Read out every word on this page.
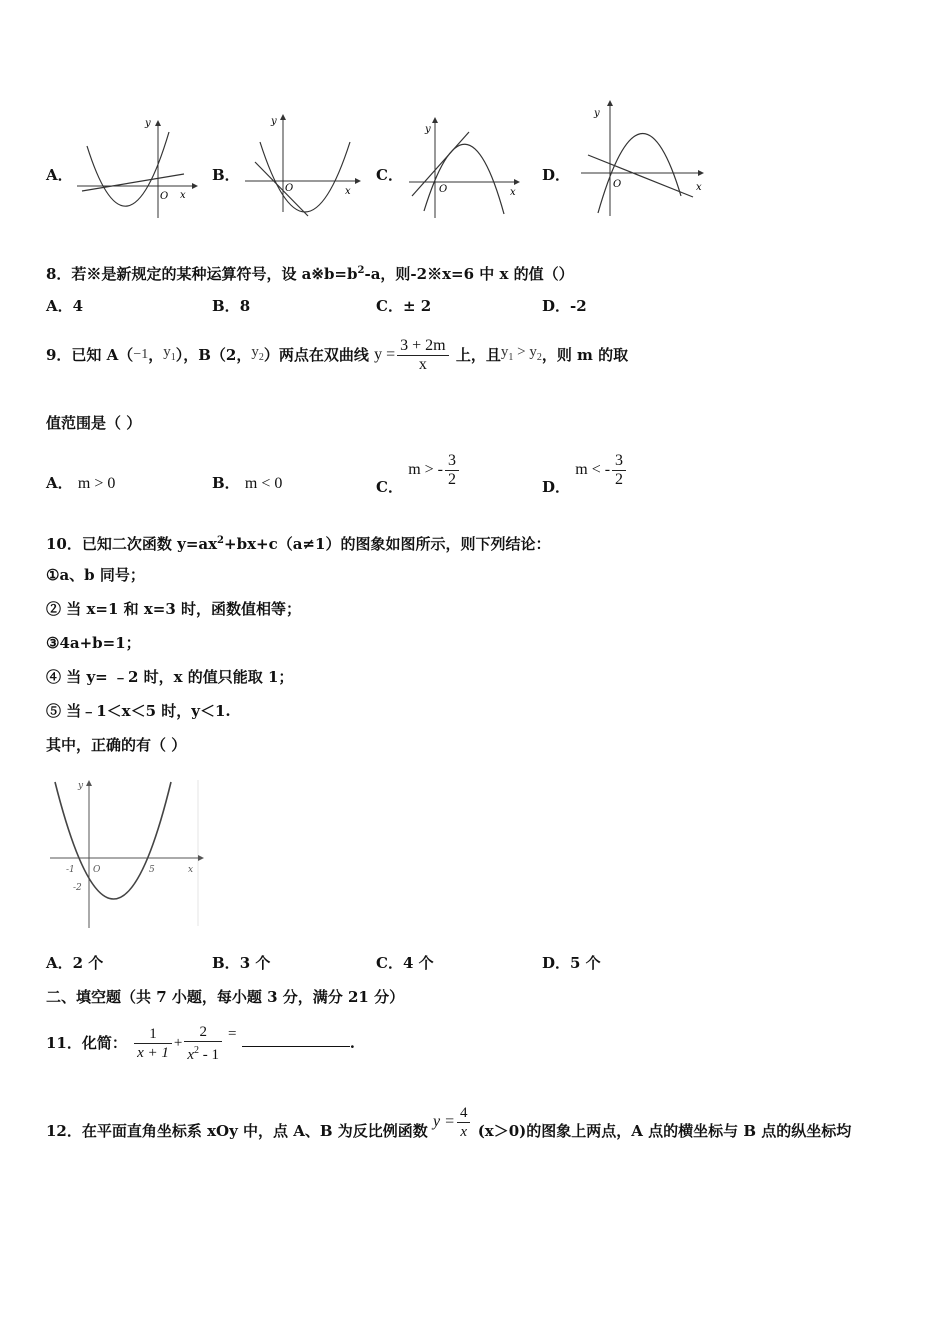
A．
y
x
O
B．
y
x
O
C．
y
x
O
D．
y
x
O
8．若※是新规定的某种运算符号，设 $a※b=b^2-a$，则-2※x=6 中 x 的值（）
A．4	B．8	C．± 2	D．-2
9．已知 A（−1，$y_1$），B（2，$y_2$）两点在双曲线 $y = \frac{3 + 2m}{x}$ 上，且$y_1 > y_2$，则 m 的取
值范围是（ ）
A． m > 0	B． m < 0	C． m > - $\frac{3}{2}$	D． m < - $\frac{3}{2}$
10．已知二次函数 $y=ax^2+bx+c(a\ne 1)$的图象如图所示，则下列结论：
①a、b 同号；
② 当 x=1 和 x=3 时，函数值相等；
③4a+b=1；
④ 当 y= ﹣2 时，x 的值只能取 1；
⑤ 当﹣1＜x＜5 时，y＜1.
其中，正确的有（ ）
y
x
-1 O	5
-2
A．2 个	B．3 个	C．4 个	D．5 个
二、填空题（共 7 小题，每小题 3 分，满分 21 分）
11．化简： $\frac{1}{x + 1} + \frac{2}{x^2 - 1}$ =	.
12．在平面直角坐标系 xOy 中，点 A、B 为反比例函数 $y = \frac{4}{x} (x>0)$的图象上两点，A 点的横坐标与 B 点的纵坐标均
